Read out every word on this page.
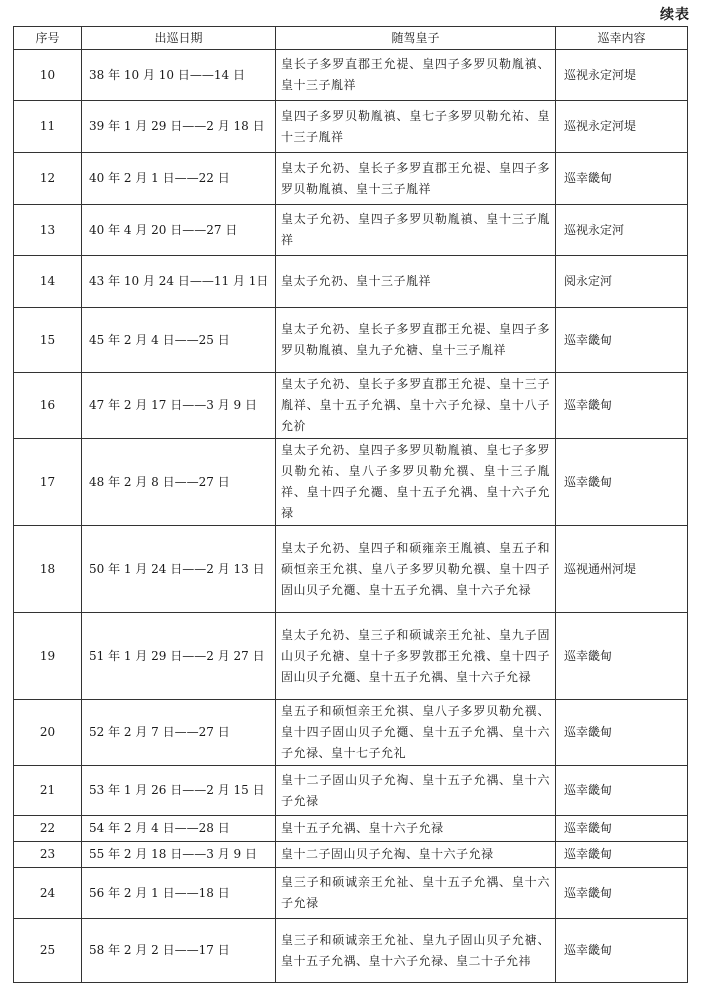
续表
序号	出巡日期	随驾皇子	巡幸内容
10	38 年 10 月 10 日——14 日	皇长子多罗直郡王允禔、皇四子多罗贝勒胤禛、皇十三子胤祥	巡视永定河堤
11	39 年 1 月 29 日——2 月 18 日	皇四子多罗贝勒胤禛、皇七子多罗贝勒允祐、皇十三子胤祥	巡视永定河堤
12	40 年 2 月 1 日——22 日	皇太子允礽、皇长子多罗直郡王允禔、皇四子多罗贝勒胤禛、皇十三子胤祥	巡幸畿甸
13	40 年 4 月 20 日——27 日	皇太子允礽、皇四子多罗贝勒胤禛、皇十三子胤祥	巡视永定河
14	43 年 10 月 24 日——11 月 1日	皇太子允礽、皇十三子胤祥	阅永定河
15	45 年 2 月 4 日——25 日	皇太子允礽、皇长子多罗直郡王允禔、皇四子多罗贝勒胤禛、皇九子允禟、皇十三子胤祥	巡幸畿甸
16	47 年 2 月 17 日——3 月 9 日	皇太子允礽、皇长子多罗直郡王允禔、皇十三子胤祥、皇十五子允禑、皇十六子允禄、皇十八子允祄	巡幸畿甸
17	48 年 2 月 8 日——27 日	皇太子允礽、皇四子多罗贝勒胤禛、皇七子多罗贝勒允祐、皇八子多罗贝勒允禩、皇十三子胤祥、皇十四子允禵、皇十五子允禑、皇十六子允禄	巡幸畿甸
18	50 年 1 月 24 日——2 月 13 日	皇太子允礽、皇四子和硕雍亲王胤禛、皇五子和硕恒亲王允祺、皇八子多罗贝勒允禩、皇十四子固山贝子允禵、皇十五子允禑、皇十六子允禄	巡视通州河堤
19	51 年 1 月 29 日——2 月 27 日	皇太子允礽、皇三子和硕诚亲王允祉、皇九子固山贝子允禟、皇十子多罗敦郡王允䄉、皇十四子固山贝子允禵、皇十五子允禑、皇十六子允禄	巡幸畿甸
20	52 年 2 月 7 日——27 日	皇五子和硕恒亲王允祺、皇八子多罗贝勒允禩、皇十四子固山贝子允禵、皇十五子允禑、皇十六子允禄、皇十七子允礼	巡幸畿甸
21	53 年 1 月 26 日——2 月 15 日	皇十二子固山贝子允祹、皇十五子允禑、皇十六子允禄	巡幸畿甸
22	54 年 2 月 4 日——28 日	皇十五子允禑、皇十六子允禄	巡幸畿甸
23	55 年 2 月 18 日——3 月 9 日	皇十二子固山贝子允祹、皇十六子允禄	巡幸畿甸
24	56 年 2 月 1 日——18 日	皇三子和硕诚亲王允祉、皇十五子允禑、皇十六子允禄	巡幸畿甸
25	58 年 2 月 2 日——17 日	皇三子和硕诚亲王允祉、皇九子固山贝子允禟、皇十五子允禑、皇十六子允禄、皇二十子允祎	巡幸畿甸
